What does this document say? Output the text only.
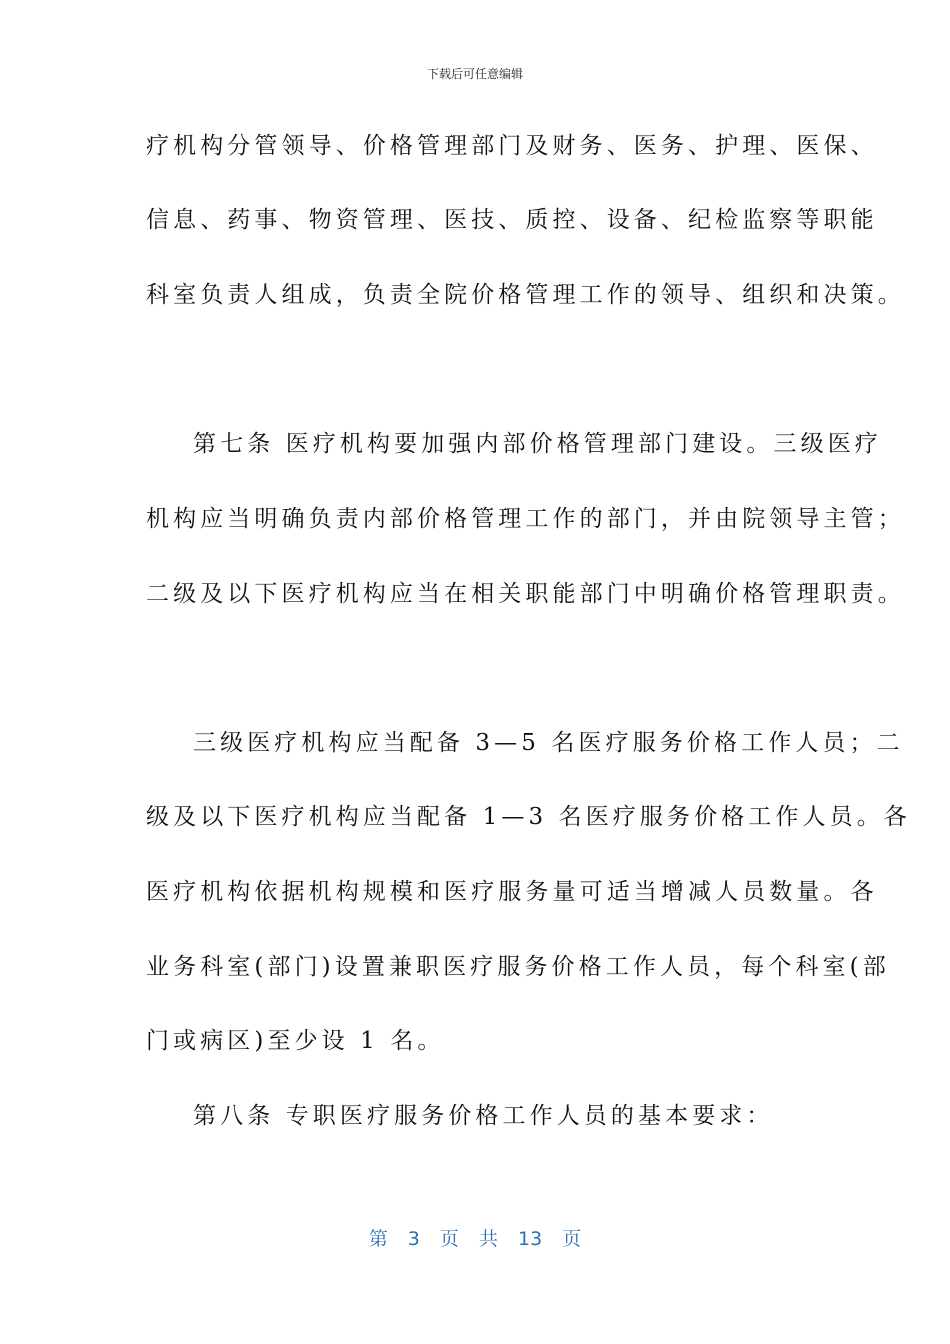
下载后可任意编辑
疗机构分管领导、价格管理部门及财务、医务、护理、医保、
信息、药事、物资管理、医技、质控、设备、纪检监察等职能
科室负责人组成，负责全院价格管理工作的领导、组织和决策。
第七条 医疗机构要加强内部价格管理部门建设。三级医疗
机构应当明确负责内部价格管理工作的部门，并由院领导主管；
二级及以下医疗机构应当在相关职能部门中明确价格管理职责。
三级医疗机构应当配备 3—5 名医疗服务价格工作人员；二
级及以下医疗机构应当配备 1—3 名医疗服务价格工作人员。各
医疗机构依据机构规模和医疗服务量可适当增减人员数量。各
业务科室(部门)设置兼职医疗服务价格工作人员，每个科室(部
门或病区)至少设 1 名。
第八条 专职医疗服务价格工作人员的基本要求：
第 3 页 共 13 页
